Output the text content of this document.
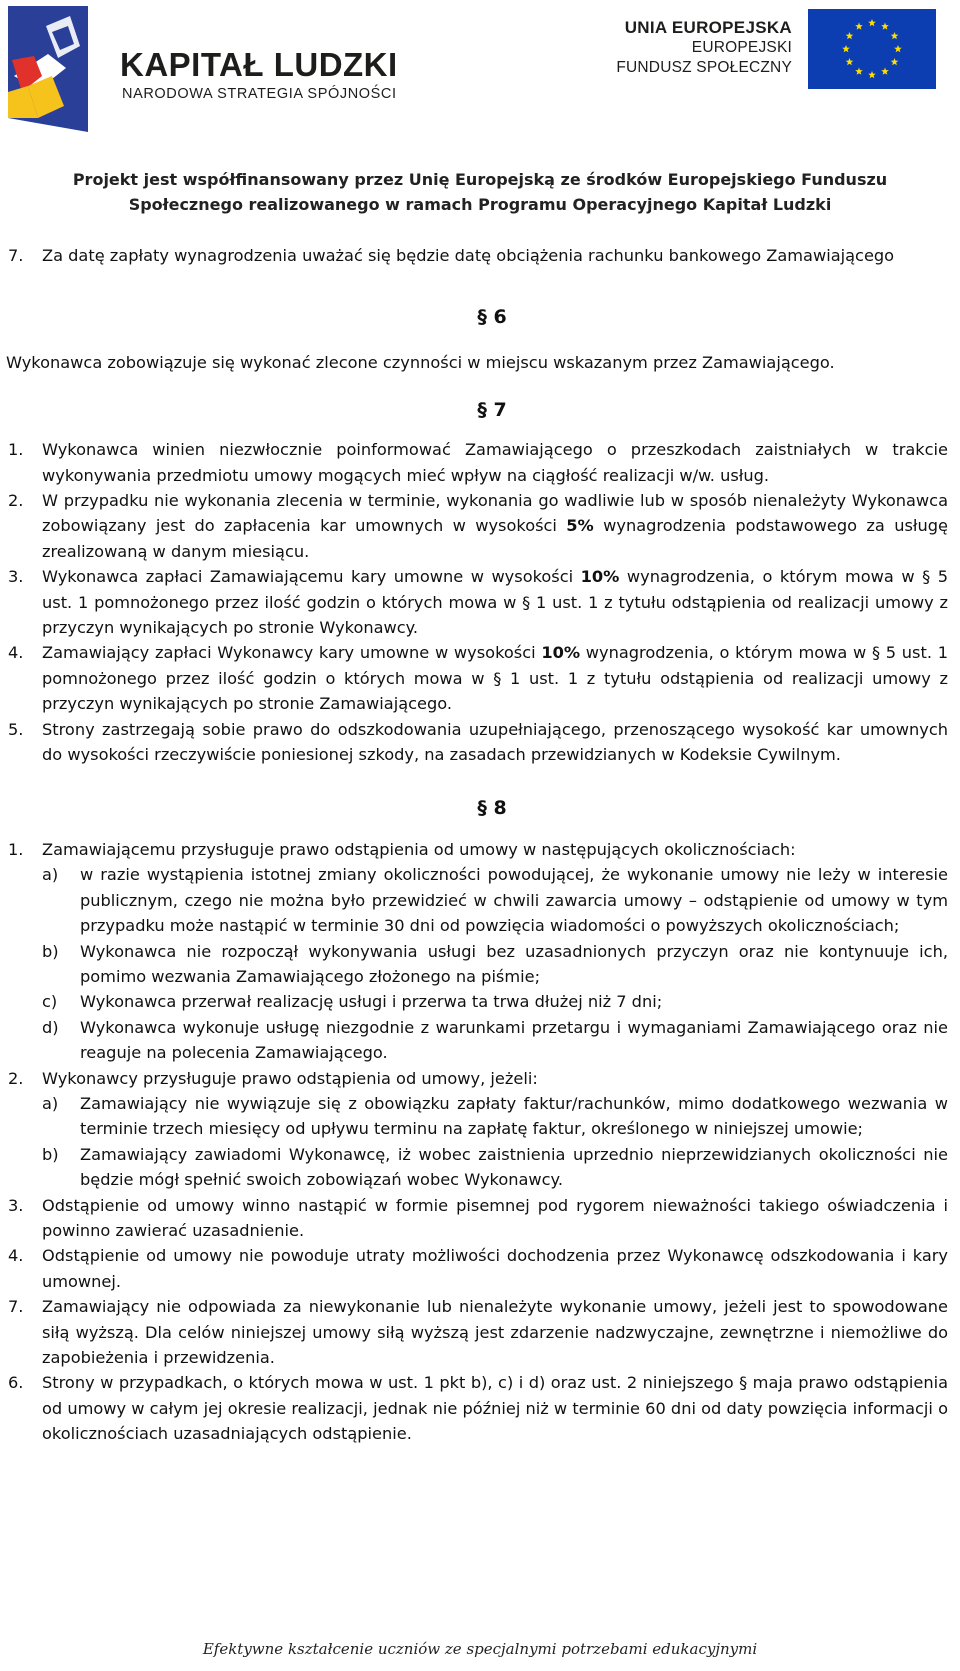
KAPITAŁ LUDZKI
NARODOWA STRATEGIA SPÓJNOŚCI
UNIA EUROPEJSKA
EUROPEJSKI
FUNDUSZ SPOŁECZNY
Projekt jest współfinansowany przez Unię Europejską ze środków Europejskiego Funduszu
Społecznego realizowanego w ramach Programu Operacyjnego Kapitał Ludzki
7.	Za datę zapłaty wynagrodzenia uważać się będzie datę obciążenia rachunku bankowego Zamawiającego
§ 6
Wykonawca zobowiązuje się wykonać zlecone czynności w miejscu wskazanym przez Zamawiającego.
§ 7
1.	Wykonawca winien niezwłocznie poinformować Zamawiającego o przeszkodach zaistniałych w trakcie wykonywania przedmiotu umowy mogących mieć wpływ na ciągłość realizacji w/w. usług.
2.	W przypadku nie wykonania zlecenia w terminie, wykonania go wadliwie lub w sposób nienależyty Wykonawca zobowiązany jest do zapłacenia kar umownych w wysokości 5% wynagrodzenia podstawowego za usługę zrealizowaną w danym miesiącu.
3.	Wykonawca zapłaci Zamawiającemu kary umowne w wysokości 10% wynagrodzenia, o którym mowa w § 5 ust. 1 pomnożonego przez ilość godzin o których mowa w § 1 ust. 1 z tytułu odstąpienia od realizacji umowy z przyczyn wynikających po stronie Wykonawcy.
4.	Zamawiający zapłaci Wykonawcy kary umowne w wysokości 10% wynagrodzenia, o którym mowa w § 5 ust. 1 pomnożonego przez ilość godzin o których mowa w § 1 ust. 1 z tytułu odstąpienia od realizacji umowy z przyczyn wynikających po stronie Zamawiającego.
5.	Strony zastrzegają sobie prawo do odszkodowania uzupełniającego, przenoszącego wysokość kar umownych do wysokości rzeczywiście poniesionej szkody, na zasadach przewidzianych w Kodeksie Cywilnym.
§ 8
1.	Zamawiającemu przysługuje prawo odstąpienia od umowy w następujących okolicznościach:
a)	w razie wystąpienia istotnej zmiany okoliczności powodującej, że wykonanie umowy nie leży w interesie publicznym, czego nie można było przewidzieć w chwili zawarcia umowy – odstąpienie od umowy w tym przypadku może nastąpić w terminie 30 dni od powzięcia wiadomości o powyższych okolicznościach;
b)	Wykonawca nie rozpoczął wykonywania usługi bez uzasadnionych przyczyn oraz nie kontynuuje ich, pomimo wezwania Zamawiającego złożonego na piśmie;
c)	Wykonawca przerwał realizację usługi i przerwa ta trwa dłużej niż 7 dni;
d)	Wykonawca wykonuje usługę niezgodnie z warunkami przetargu i wymaganiami Zamawiającego oraz nie reaguje na polecenia Zamawiającego.
2.	Wykonawcy przysługuje prawo odstąpienia od umowy, jeżeli:
a)	Zamawiający nie wywiązuje się z obowiązku zapłaty faktur/rachunków, mimo dodatkowego wezwania w terminie trzech miesięcy od upływu terminu na zapłatę faktur, określonego w niniejszej umowie;
b)	Zamawiający zawiadomi Wykonawcę, iż wobec zaistnienia uprzednio nieprzewidzianych okoliczności nie będzie mógł spełnić swoich zobowiązań wobec Wykonawcy.
3.	Odstąpienie od umowy winno nastąpić w formie pisemnej pod rygorem nieważności takiego oświadczenia i powinno zawierać uzasadnienie.
4.	Odstąpienie od umowy nie powoduje utraty możliwości dochodzenia przez Wykonawcę odszkodowania i kary umownej.
7.	Zamawiający nie odpowiada za niewykonanie lub nienależyte wykonanie umowy, jeżeli jest to spowodowane siłą wyższą. Dla celów niniejszej umowy siłą wyższą jest zdarzenie nadzwyczajne, zewnętrzne i niemożliwe do zapobieżenia i przewidzenia.
6.	Strony w przypadkach, o których mowa w ust. 1 pkt b), c) i d) oraz ust. 2 niniejszego § maja prawo odstąpienia od umowy w całym jej okresie realizacji, jednak nie później niż w terminie 60 dni od daty powzięcia informacji o okolicznościach uzasadniających odstąpienie.
Efektywne kształcenie uczniów ze specjalnymi potrzebami edukacyjnymi
